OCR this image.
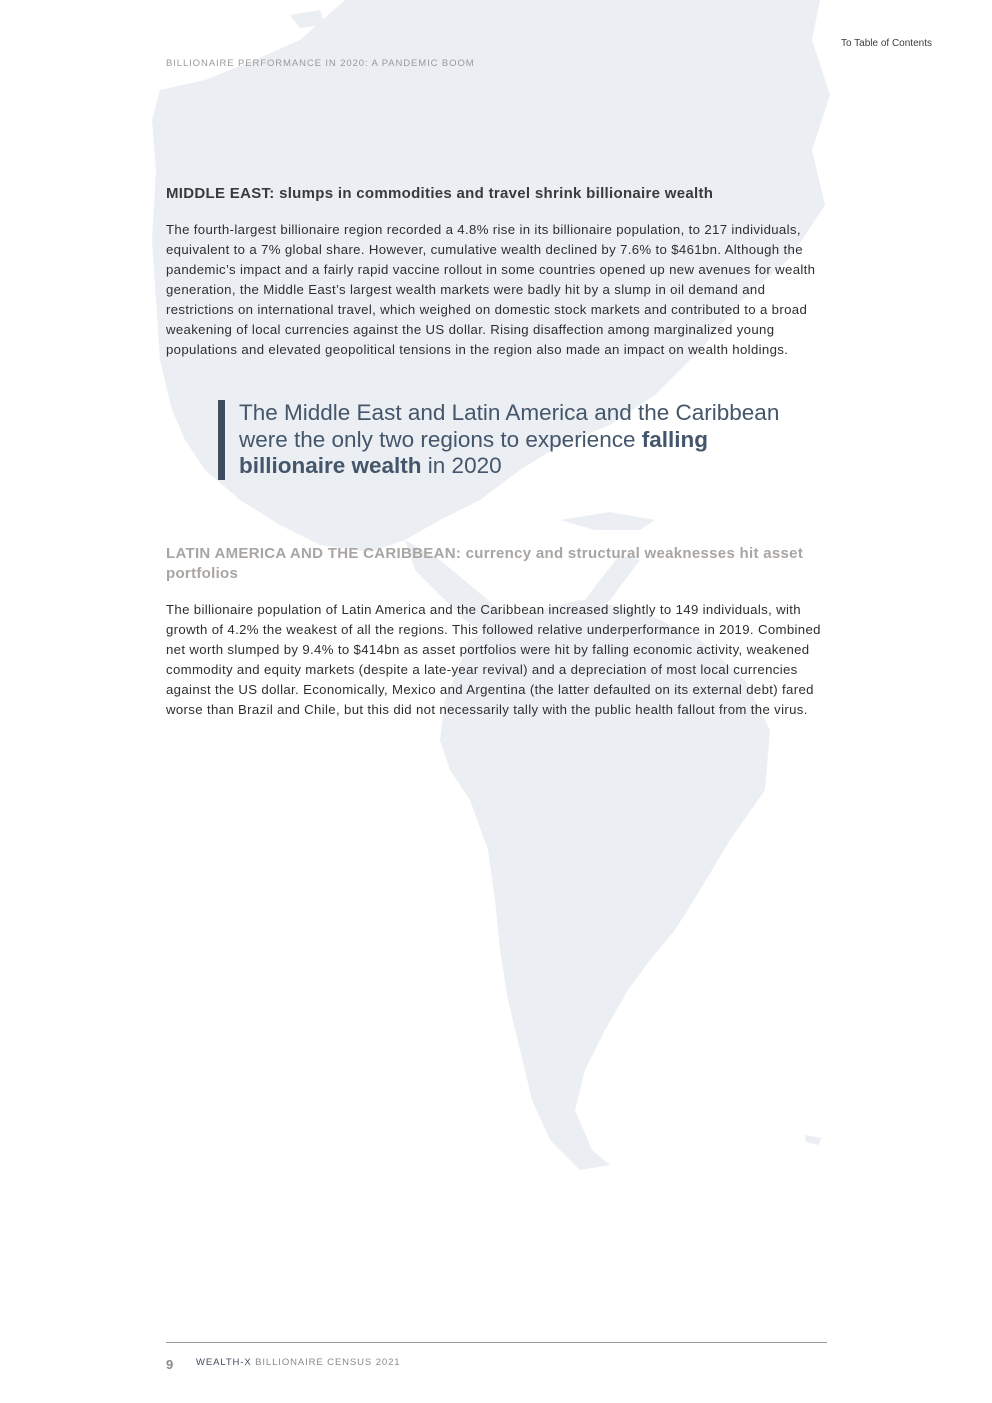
To Table of Contents
BILLIONAIRE PERFORMANCE IN 2020: A PANDEMIC BOOM
MIDDLE EAST: slumps in commodities and travel shrink billionaire wealth

The fourth-largest billionaire region recorded a 4.8% rise in its billionaire population, to 217 individuals, equivalent to a 7% global share. However, cumulative wealth declined by 7.6% to $461bn. Although the pandemic’s impact and a fairly rapid vaccine rollout in some countries opened up new avenues for wealth generation, the Middle East’s largest wealth markets were badly hit by a slump in oil demand and restrictions on international travel, which weighed on domestic stock markets and contributed to a broad weakening of local currencies against the US dollar. Rising disaffection among marginalized young populations and elevated geopolitical tensions in the region also made an impact on wealth holdings.

The Middle East and Latin America and the Caribbean were the only two regions to experience falling billionaire wealth in 2020
LATIN AMERICA AND THE CARIBBEAN: currency and structural weaknesses hit asset portfolios

The billionaire population of Latin America and the Caribbean increased slightly to 149 individuals, with growth of 4.2% the weakest of all the regions. This followed relative underperformance in 2019. Combined net worth slumped by 9.4% to $414bn as asset portfolios were hit by falling economic activity, weakened commodity and equity markets (despite a late-year revival) and a depreciation of most local currencies against the US dollar. Economically, Mexico and Argentina (the latter defaulted on its external debt) fared worse than Brazil and Chile, but this did not necessarily tally with the public health fallout from the virus.

9 WEALTH-X BILLIONAIRE CENSUS 2021
